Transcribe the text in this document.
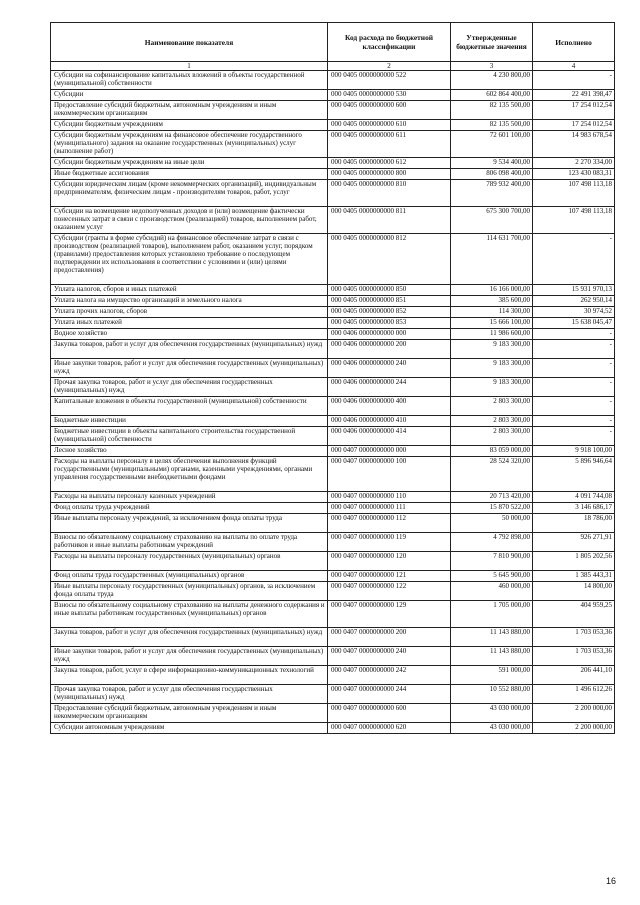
Наименование показателя	Код расхода по бюджетной классификации	Утвержденные бюджетные значения	Исполнено
1	2	3	4
Субсидии на софинансирование капитальных вложений в объекты государственной (муниципальной) собственности	000 0405 0000000000 522	4 230 800,00	-
Субсидии	000 0405 0000000000 530	602 864 400,00	22 491 398,47
Предоставление субсидий бюджетным, автономным учреждениям и иным некоммерческим организациям	000 0405 0000000000 600	82 135 500,00	17 254 012,54
Субсидии бюджетным учреждениям	000 0405 0000000000 610	82 135 500,00	17 254 012,54
Субсидии бюджетным учреждениям на финансовое обеспечение государственного (муниципального) задания на оказание государственных (муниципальных) услуг (выполнение работ)	000 0405 0000000000 611	72 601 100,00	14 983 678,54
Субсидии бюджетным учреждениям на иные цели	000 0405 0000000000 612	9 534 400,00	2 270 334,00
Иные бюджетные ассигнования	000 0405 0000000000 800	806 098 400,00	123 430 083,31
Субсидии юридическим лицам (кроме некоммерческих организаций), индивидуальным предпринимателям, физическим лицам - производителям товаров, работ, услуг	000 0405 0000000000 810	789 932 400,00	107 498 113,18
Субсидии на возмещение недополученных доходов и (или) возмещение фактически понесенных затрат в связи с производством (реализацией) товаров, выполнением работ, оказанием услуг	000 0405 0000000000 811	675 300 700,00	107 498 113,18
Субсидии (гранты в форме субсидий) на финансовое обеспечение затрат в связи с производством (реализацией товаров), выполнением работ, оказанием услуг, порядком (правилами) предоставления которых установлено требование о последующем подтверждении их использования в соответствии с условиями и (или) целями предоставления)	000 0405 0000000000 812	114 631 700,00	-
Уплата налогов, сборов и иных платежей	000 0405 0000000000 850	16 166 000,00	15 931 970,13
Уплата налога на имущество организаций и земельного налога	000 0405 0000000000 851	385 600,00	262 950,14
Уплата прочих налогов, сборов	000 0405 0000000000 852	114 300,00	30 974,52
Уплата иных платежей	000 0405 0000000000 853	15 666 100,00	15 638 045,47
Водное хозяйство	000 0406 0000000000 000	11 986 600,00	-
Закупка товаров, работ и услуг для обеспечения государственных (муниципальных) нужд	000 0406 0000000000 200	9 183 300,00	-
Иные закупки товаров, работ и услуг для обеспечения государственных (муниципальных) нужд	000 0406 0000000000 240	9 183 300,00	-
Прочая закупка товаров, работ и услуг для обеспечения государственных (муниципальных) нужд	000 0406 0000000000 244	9 183 300,00	-
Капитальные вложения в объекты государственной (муниципальной) собственности	000 0406 0000000000 400	2 803 300,00	-
Бюджетные инвестиции	000 0406 0000000000 410	2 803 300,00	-
Бюджетные инвестиции в объекты капитального строительства государственной (муниципальной) собственности	000 0406 0000000000 414	2 803 300,00	-
Лесное хозяйство	000 0407 0000000000 000	83 059 000,00	9 918 100,00
Расходы на выплаты персоналу в целях обеспечения выполнения функций государственными (муниципальными) органами, казенными учреждениями, органами управления государственными внебюджетными фондами	000 0407 0000000000 100	28 524 320,00	5 896 946,64
Расходы на выплаты персоналу казенных учреждений	000 0407 0000000000 110	20 713 420,00	4 091 744,08
Фонд оплаты труда учреждений	000 0407 0000000000 111	15 870 522,00	3 146 686,17
Иные выплаты персоналу учреждений, за исключением фонда оплаты труда	000 0407 0000000000 112	50 000,00	18 786,00
Взносы по обязательному социальному страхованию на выплаты по оплате труда работников и иные выплаты работникам учреждений	000 0407 0000000000 119	4 792 898,00	926 271,91
Расходы на выплаты персоналу государственных (муниципальных) органов	000 0407 0000000000 120	7 810 900,00	1 805 202,56
Фонд оплаты труда государственных (муниципальных) органов	000 0407 0000000000 121	5 645 900,00	1 385 443,31
Иные выплаты персоналу государственных (муниципальных) органов, за исключением фонда оплаты труда	000 0407 0000000000 122	460 000,00	14 800,00
Взносы по обязательному социальному страхованию на выплаты денежного содержания и иные выплаты работникам государственных (муниципальных) органов	000 0407 0000000000 129	1 705 000,00	404 959,25
Закупка товаров, работ и услуг для обеспечения государственных (муниципальных) нужд	000 0407 0000000000 200	11 143 880,00	1 703 053,36
Иные закупки товаров, работ и услуг для обеспечения государственных (муниципальных) нужд	000 0407 0000000000 240	11 143 880,00	1 703 053,36
Закупка товаров, работ, услуг в сфере информационно-коммуникационных технологий	000 0407 0000000000 242	591 000,00	206 441,10
Прочая закупка товаров, работ и услуг для обеспечения государственных (муниципальных) нужд	000 0407 0000000000 244	10 552 880,00	1 496 612,26
Предоставление субсидий бюджетным, автономным учреждениям и иным некоммерческим организациям	000 0407 0000000000 600	43 030 000,00	2 200 000,00
Субсидии автономным учреждениям	000 0407 0000000000 620	43 030 000,00	2 200 000,00
16
